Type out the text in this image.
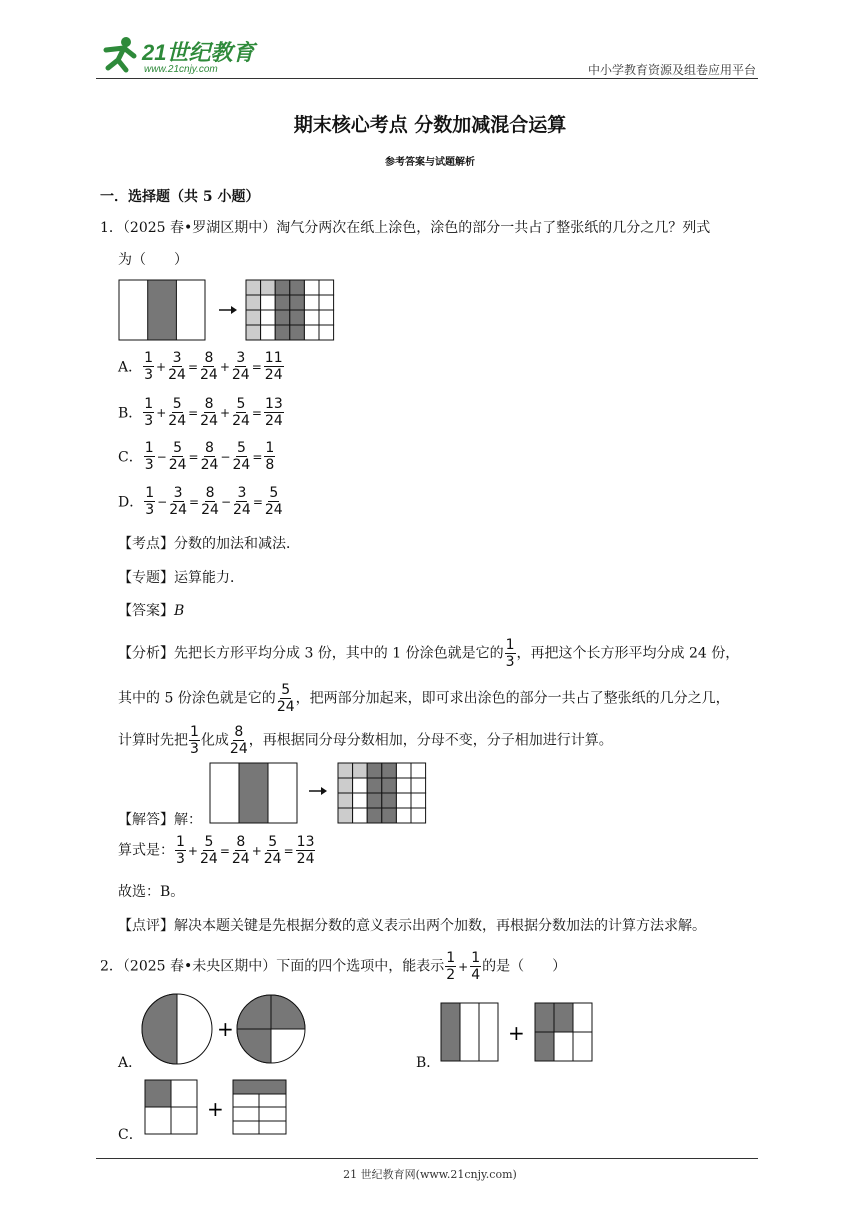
21世纪教育
www.21cnjy.com	中小学教育资源及组卷应用平台
期末核心考点 分数加减混合运算
参考答案与试题解析
一．选择题（共 5 小题）
1．（2025 春•罗湖区期中）淘气分两次在纸上涂色，涂色的部分一共占了整张纸的几分之几？列式
为（　　）
A． $\frac{1}{3} + \frac{3}{24} = \frac{8}{24} + \frac{3}{24} = \frac{11}{24}$
B． $\frac{1}{3} + \frac{5}{24} = \frac{8}{24} + \frac{5}{24} = \frac{13}{24}$
C． $\frac{1}{3} - \frac{5}{24} = \frac{8}{24} - \frac{5}{24} = \frac{1}{8}$
D． $\frac{1}{3} - \frac{3}{24} = \frac{8}{24} - \frac{3}{24} = \frac{5}{24}$
【考点】分数的加法和减法．
【专题】运算能力．
【答案】B
【分析】先把长方形平均分成 3 份，其中的 1 份涂色就是它的 $\frac{1}{3}$ ，再把这个长方形平均分成 24 份，
其中的 5 份涂色就是它的 $\frac{5}{24}$ ，把两部分加起来，即可求出涂色的部分一共占了整张纸的几分之几，
计算时先把 $\frac{1}{3}$ 化成 $\frac{8}{24}$ ，再根据同分母分数相加，分母不变，分子相加进行计算。
【解答】解：
算式是： $\frac{1}{3} + \frac{5}{24} = \frac{8}{24} + \frac{5}{24} = \frac{13}{24}$
故选：B。
【点评】解决本题关键是先根据分数的意义表示出两个加数，再根据分数加法的计算方法求解。
2．（2025 春•未央区期中）下面的四个选项中，能表示 $\frac{1}{2} + \frac{1}{4}$ 的是（　　）
A．
+
B．
+
C．
+
21 世纪教育网(www.21cnjy.com)
